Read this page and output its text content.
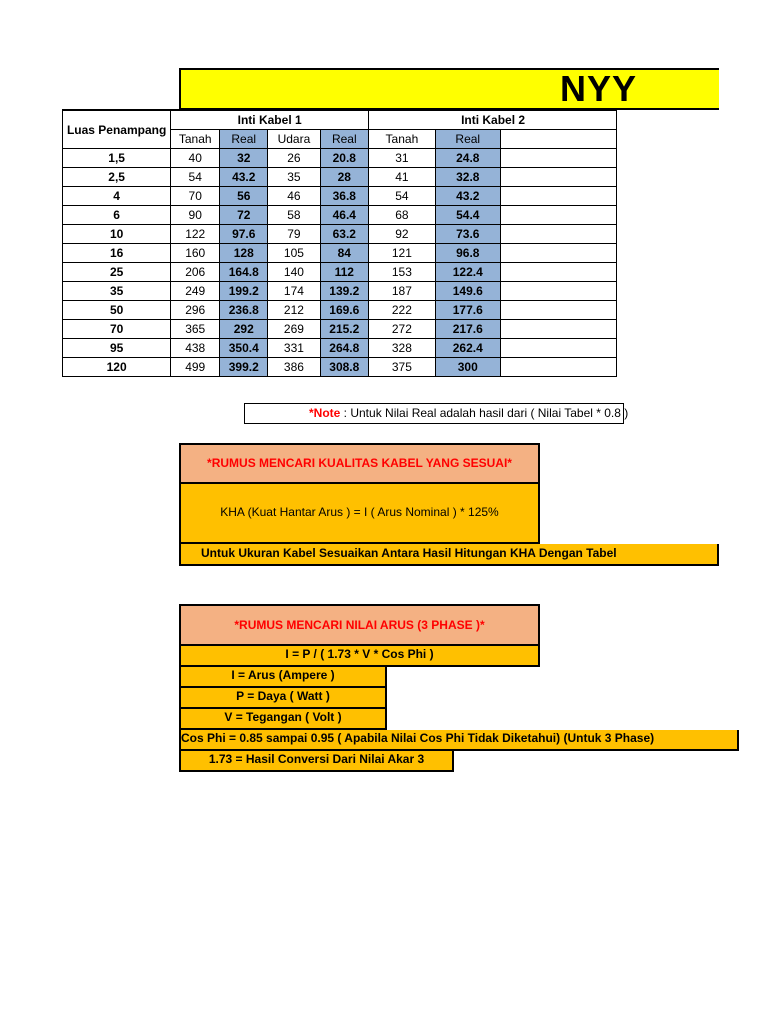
NYY
Luas Penampang	Inti Kabel 1				Inti Kabel 2		
	Tanah	Real	Udara	Real	Tanah	Real	
1,5	40	32	26	20.8	31	24.8	
2,5	54	43.2	35	28	41	32.8	
4	70	56	46	36.8	54	43.2	
6	90	72	58	46.4	68	54.4	
10	122	97.6	79	63.2	92	73.6	
16	160	128	105	84	121	96.8	
25	206	164.8	140	112	153	122.4	
35	249	199.2	174	139.2	187	149.6	
50	296	236.8	212	169.6	222	177.6	
70	365	292	269	215.2	272	217.6	
95	438	350.4	331	264.8	328	262.4	
120	499	399.2	386	308.8	375	300	
*Note : Untuk Nilai Real adalah hasil dari ( Nilai Tabel * 0.8 )
*RUMUS MENCARI KUALITAS KABEL YANG SESUAI*
KHA (Kuat Hantar Arus ) = I ( Arus Nominal ) * 125%
Untuk Ukuran Kabel Sesuaikan Antara Hasil Hitungan KHA Dengan Tabel
*RUMUS MENCARI NILAI ARUS (3 PHASE )*
I = P / ( 1.73 * V * Cos Phi )
I = Arus (Ampere )
P = Daya ( Watt )
V = Tegangan ( Volt )
Cos Phi = 0.85 sampai 0.95 ( Apabila Nilai Cos Phi Tidak Diketahui) (Untuk 3 Phase)
1.73 = Hasil Conversi Dari Nilai Akar 3
